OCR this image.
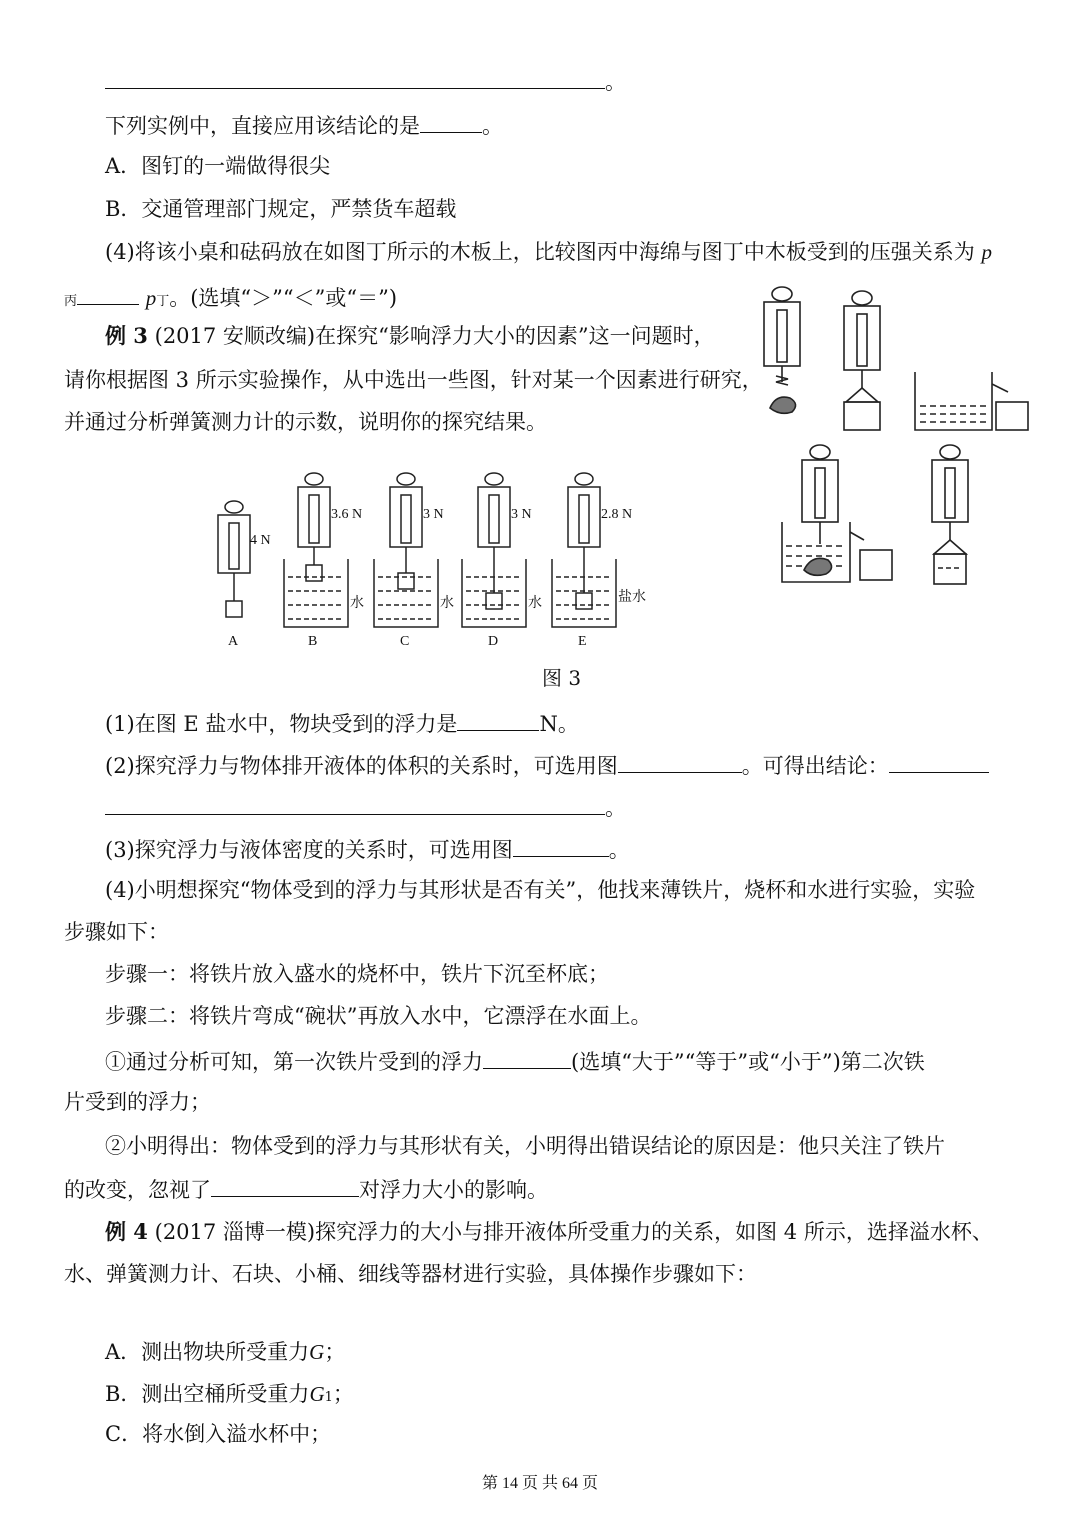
。
下列实例中，直接应用该结论的是	。
A．图钉的一端做得很尖
B．交通管理部门规定，严禁货车超载
(4)将该小桌和砝码放在如图丁所示的木板上，比较图丙中海绵与图丁中木板受到的压强关系为 p
丙	p丁。(选填“＞”“＜”或“＝”)
例 3 (2017 安顺改编)在探究“影响浮力大小的因素”这一问题时，
请你根据图 3 所示实验操作，从中选出一些图，针对某一个因素进行研究，
并通过分析弹簧测力计的示数，说明你的探究结果。
4 N
3.6 N	3 N	3 N	2.8 N
水	水	水	盐水
A	B	C	D	E
图 3
(1)在图 E 盐水中，物块受到的浮力是	N。
(2)探究浮力与物体排开液体的体积的关系时，可选用图	。可得出结论：
。
(3)探究浮力与液体密度的关系时，可选用图	。
(4)小明想探究“物体受到的浮力与其形状是否有关”，他找来薄铁片，烧杯和水进行实验，实验
步骤如下：
步骤一：将铁片放入盛水的烧杯中，铁片下沉至杯底；
步骤二：将铁片弯成“碗状”再放入水中，它漂浮在水面上。
①通过分析可知，第一次铁片受到的浮力	(选填“大于”“等于”或“小于”)第二次铁
片受到的浮力；
②小明得出：物体受到的浮力与其形状有关，小明得出错误结论的原因是：他只关注了铁片
的改变，忽视了	对浮力大小的影响。
例 4 (2017 淄博一模)探究浮力的大小与排开液体所受重力的关系，如图 4 所示，选择溢水杯、
水、弹簧测力计、石块、小桶、细线等器材进行实验，具体操作步骤如下：
A．测出物块所受重力G；
B．测出空桶所受重力G1；
第 14 页 共 64 页
C．将水倒入溢水杯中；
